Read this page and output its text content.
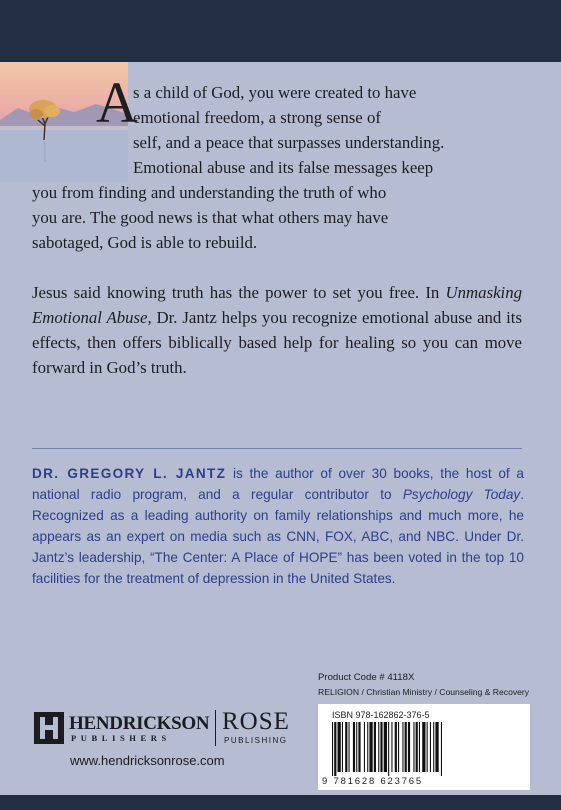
A
s a child of God, you were created to have
emotional freedom, a strong sense of
self, and a peace that surpasses understanding.
Emotional abuse and its false messages keep
you from finding and understanding the truth of who
you are. The good news is that what others may have
sabotaged, God is able to rebuild.

Jesus said knowing truth has the power to set you free. In Unmasking Emotional Abuse, Dr. Jantz helps you recognize emotional abuse and its effects, then offers biblically based help for healing so you can move forward in God’s truth.

DR. GREGORY L. JANTZ is the author of over 30 books, the host of a national radio program, and a regular contributor to Psychology Today. Recognized as a leading authority on family relationships and much more, he appears as an expert on media such as CNN, FOX, ABC, and NBC. Under Dr. Jantz’s leadership, “The Center: A Place of HOPE” has been voted in the top 10 facilities for the treatment of depression in the United States.

Product Code # 4118X
RELIGION / Christian Ministry / Counseling & Recovery
ISBN 978-162862-376-5
9 781628 623765
HENDRICKSON
PUBLISHERS
ROSE
PUBLISHING
www.hendricksonrose.com
